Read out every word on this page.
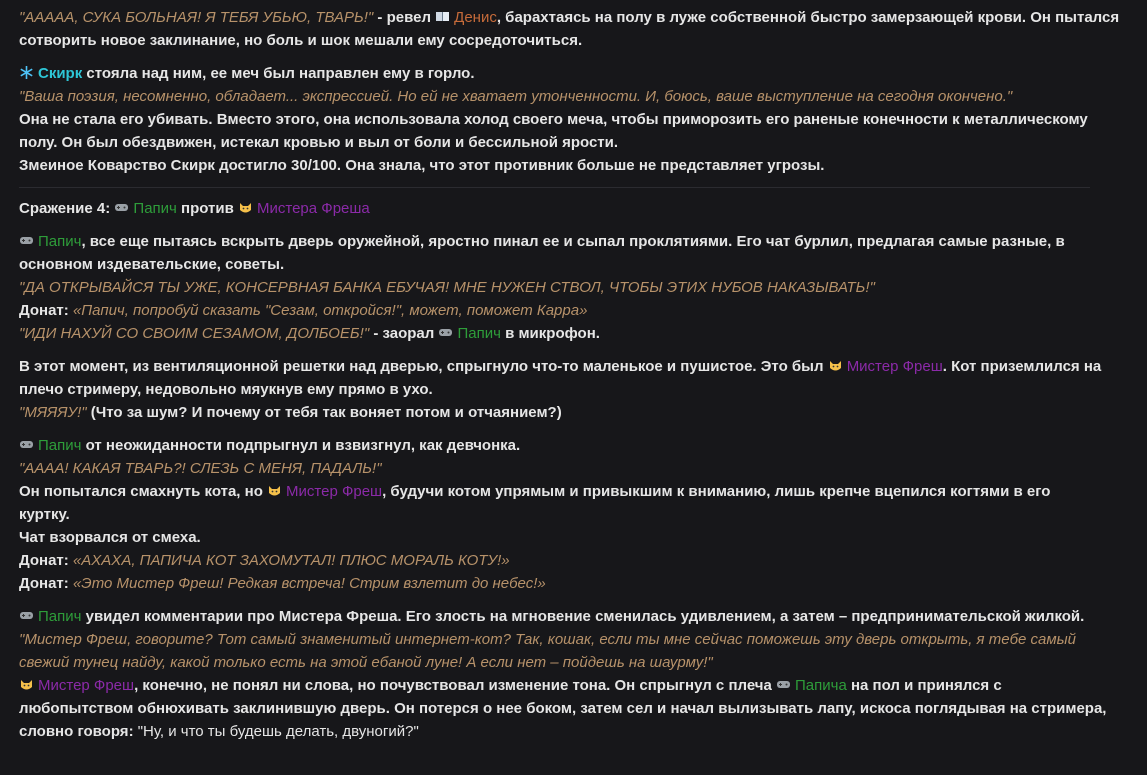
"ААААА, СУКА БОЛЬНАЯ! Я ТЕБЯ УБЬЮ, ТВАРЬ!" - ревел Денис, барахтаясь на полу в луже собственной быстро замерзающей крови. Он пытался
сотворить новое заклинание, но боль и шок мешали ему сосредоточиться.
Скирк стояла над ним, ее меч был направлен ему в горло.
"Ваша поэзия, несомненно, обладает... экспрессией. Но ей не хватает утонченности. И, боюсь, ваше выступление на сегодня окончено."
Она не стала его убивать. Вместо этого, она использовала холод своего меча, чтобы приморозить его раненые конечности к металлическому
полу. Он был обездвижен, истекал кровью и выл от боли и бессильной ярости.
Змеиное Коварство Скирк достигло 30/100. Она знала, что этот противник больше не представляет угрозы.
Сражение 4: Папич против Мистера Фреша
Папич, все еще пытаясь вскрыть дверь оружейной, яростно пинал ее и сыпал проклятиями. Его чат бурлил, предлагая самые разные, в
основном издевательские, советы.
"ДА ОТКРЫВАЙСЯ ТЫ УЖЕ, КОНСЕРВНАЯ БАНКА ЕБУЧАЯ! МНЕ НУЖЕН СТВОЛ, ЧТОБЫ ЭТИХ НУБОВ НАКАЗЫВАТЬ!"
Донат: «Папич, попробуй сказать "Сезам, откройся!", может, поможет Карра»
"ИДИ НАХУЙ СО СВОИМ СЕЗАМОМ, ДОЛБОЕБ!" - заорал Папич в микрофон.
В этот момент, из вентиляционной решетки над дверью, спрыгнуло что-то маленькое и пушистое. Это был Мистер Фреш. Кот приземлился на
плечо стримеру, недовольно мяукнув ему прямо в ухо.
"МЯЯЯУ!" (Что за шум? И почему от тебя так воняет потом и отчаянием?)
Папич от неожиданности подпрыгнул и взвизгнул, как девчонка.
"АААА! КАКАЯ ТВАРЬ?! СЛЕЗЬ С МЕНЯ, ПАДАЛЬ!"
Он попытался смахнуть кота, но Мистер Фреш, будучи котом упрямым и привыкшим к вниманию, лишь крепче вцепился когтями в его
куртку.
Чат взорвался от смеха.
Донат: «АХАХА, ПАПИЧА КОТ ЗАХОМУТАЛ! ПЛЮС МОРАЛЬ КОТУ!»
Донат: «Это Мистер Фреш! Редкая встреча! Стрим взлетит до небес!»
Папич увидел комментарии про Мистера Фреша. Его злость на мгновение сменилась удивлением, а затем – предпринимательской жилкой.
"Мистер Фреш, говорите? Тот самый знаменитый интернет-кот? Так, кошак, если ты мне сейчас поможешь эту дверь открыть, я тебе самый
свежий тунец найду, какой только есть на этой ебаной луне! А если нет – пойдешь на шаурму!"
Мистер Фреш, конечно, не понял ни слова, но почувствовал изменение тона. Он спрыгнул с плеча Папича на пол и принялся с
любопытством обнюхивать заклинившую дверь. Он потерся о нее боком, затем сел и начал вылизывать лапу, искоса поглядывая на стримера,
словно говоря: "Ну, и что ты будешь делать, двуногий?"
